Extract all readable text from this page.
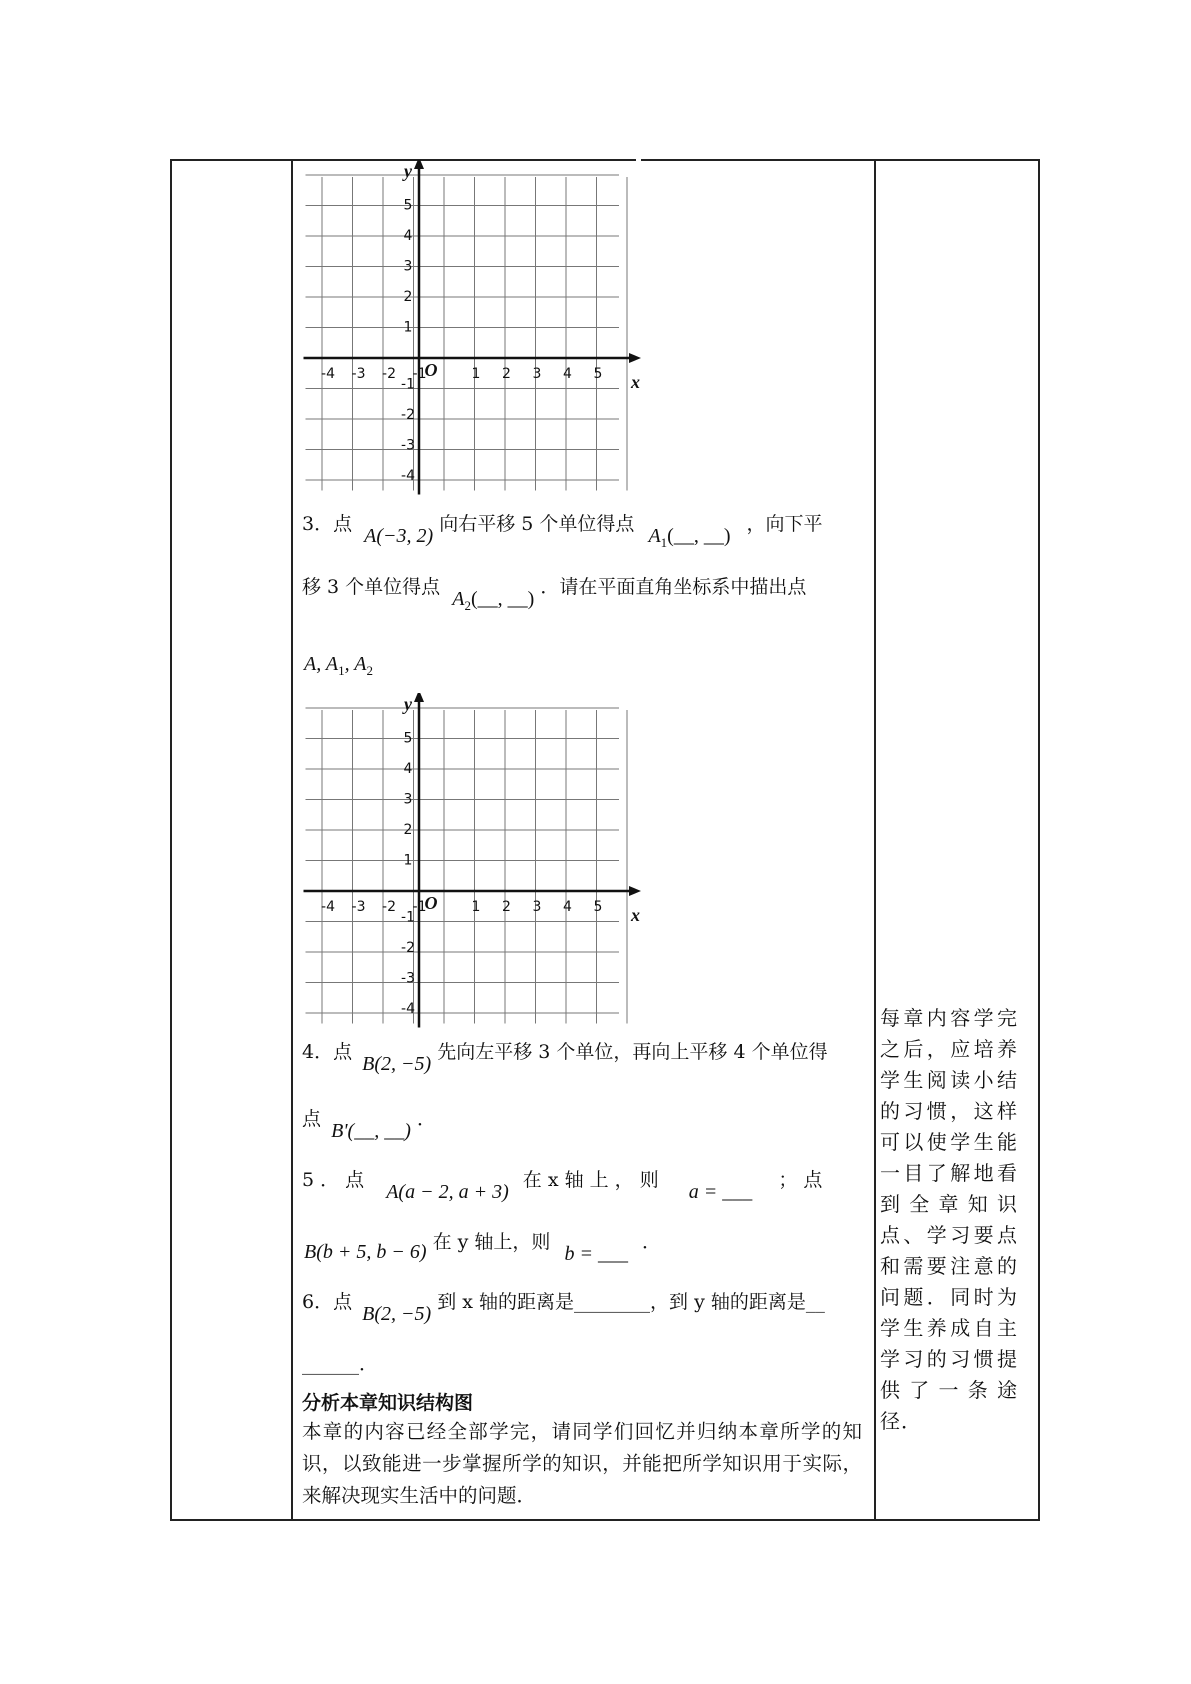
-4 -3 -2 -1	1 2 3 4 5
5
4
3
2
1
-1
-2
-3
-4
O
x
y
-4 -3 -2 -1	1 2 3 4 5
5
4
3
2
1
-1
-2
-3
-4
O
x
y
3．点 A(−3, 2) 向右平移 5 个单位得点 $A_1(\_\_$, __) ，向下平
移 3 个单位得点 $A_2(\_\_$, __) ．请在平面直角坐标系中描出点
A, $A_1$, $A_2$
4．点 B(2, −5) 先向左平移 3 个单位，再向上平移 4 个单位得
点 B'(__, __) ．
5 ． 点 A(a − 2, a + 3) 在 x 轴 上 ， 则 a = ___ ； 点
B(b + 5, b − 6) 在 y 轴上，则 b = ___ ．
6．点 B(2, −5) 到 x 轴的距离是________，到 y 轴的距离是__
______．
分析本章知识结构图
本章的内容已经全部学完，请同学们回忆并归纳本章所学的知识，以致能进一步掌握所学的知识，并能把所学知识用于实际，来解决现实生活中的问题．
每章内容学完之后，应培养学生阅读小结的习惯，这样可以使学生能一目了解地看到全章知识点、学习要点和需要注意的问题．同时为学生养成自主学习的习惯提供了一条途径．
